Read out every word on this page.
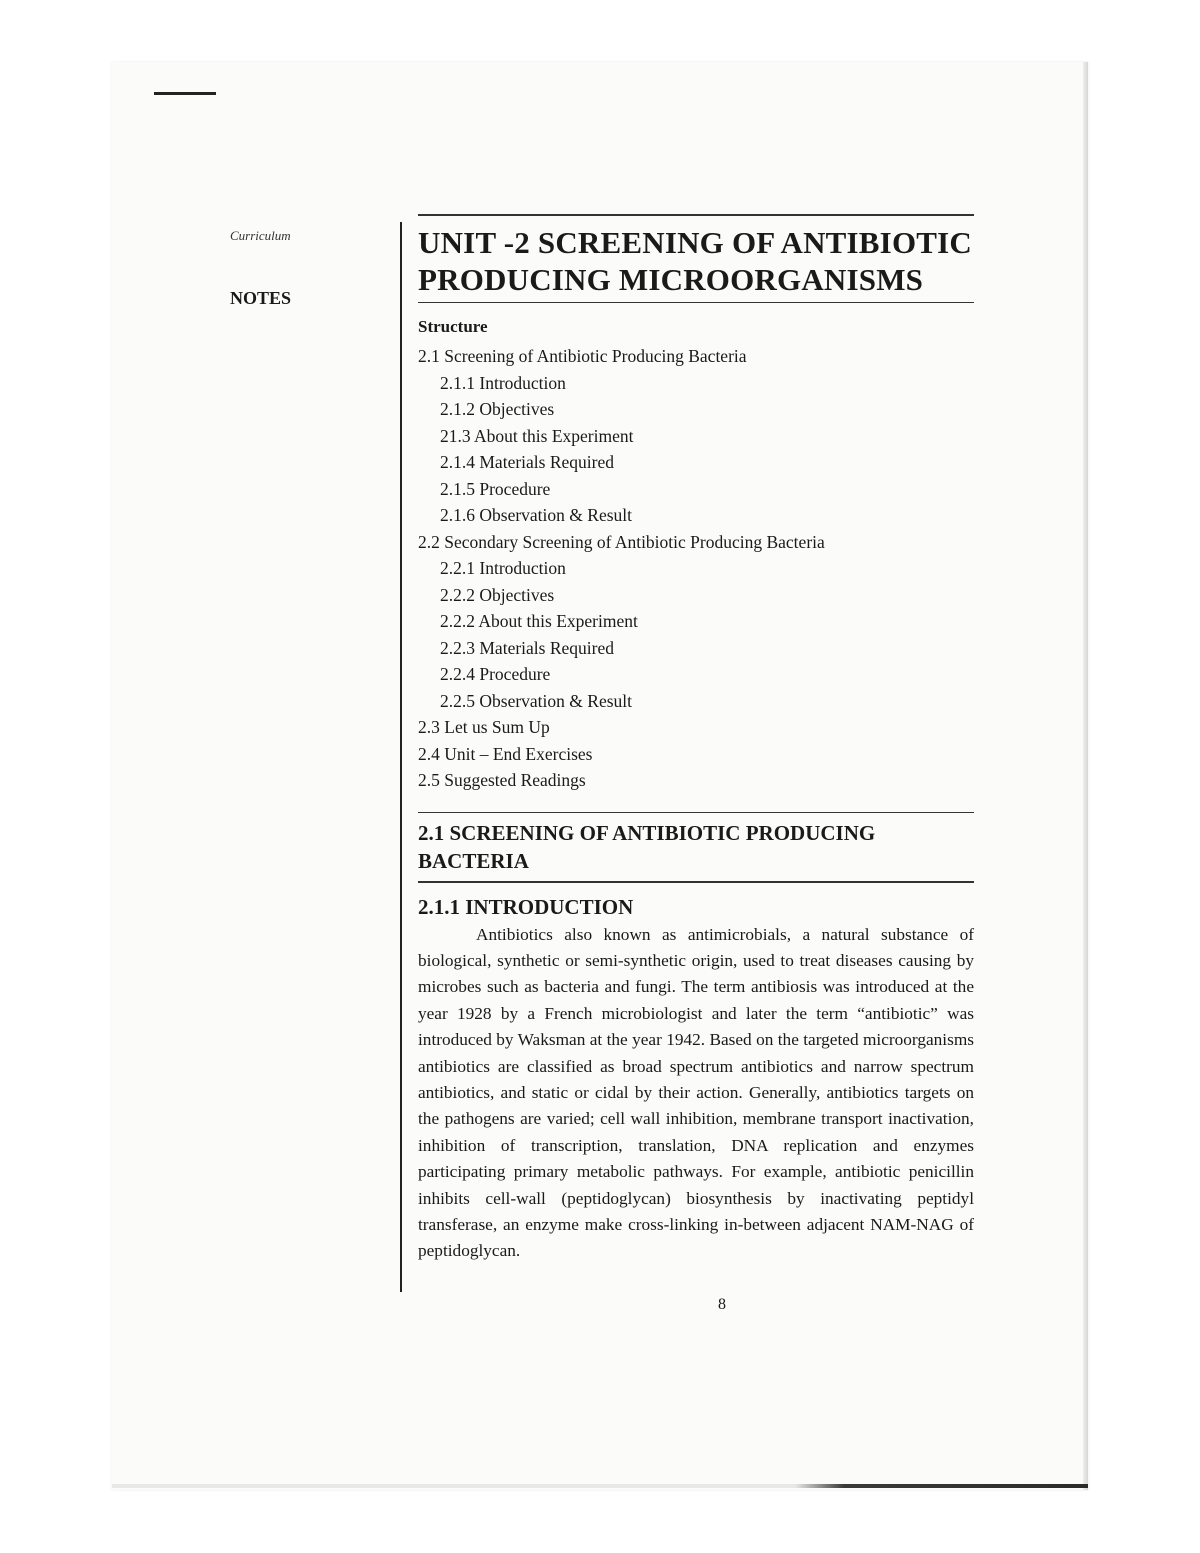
Curriculum
NOTES
UNIT -2 SCREENING OF ANTIBIOTIC
PRODUCING MICROORGANISMS
Structure
2.1 Screening of Antibiotic Producing Bacteria
2.1.1 Introduction
2.1.2 Objectives
21.3 About this Experiment
2.1.4 Materials Required
2.1.5 Procedure
2.1.6 Observation & Result
2.2 Secondary Screening of Antibiotic Producing Bacteria
2.2.1 Introduction
2.2.2 Objectives
2.2.2 About this Experiment
2.2.3 Materials Required
2.2.4 Procedure
2.2.5 Observation & Result
2.3 Let us Sum Up
2.4 Unit – End Exercises
2.5 Suggested Readings
2.1 SCREENING OF ANTIBIOTIC PRODUCING
BACTERIA
2.1.1 INTRODUCTION

Antibiotics also known as antimicrobials, a natural substance of biological, synthetic or semi-synthetic origin, used to treat diseases causing by microbes such as bacteria and fungi. The term antibiosis was introduced at the year 1928 by a French microbiologist and later the term “antibiotic” was introduced by Waksman at the year 1942. Based on the targeted microorganisms antibiotics are classified as broad spectrum antibiotics and narrow spectrum antibiotics, and static or cidal by their action. Generally, antibiotics targets on the pathogens are varied; cell wall inhibition, membrane transport inactivation, inhibition of transcription, translation, DNA replication and enzymes participating primary metabolic pathways. For example, antibiotic penicillin inhibits cell-wall (peptidoglycan) biosynthesis by inactivating peptidyl transferase, an enzyme make cross-linking in-between adjacent NAM-NAG of peptidoglycan.

8
